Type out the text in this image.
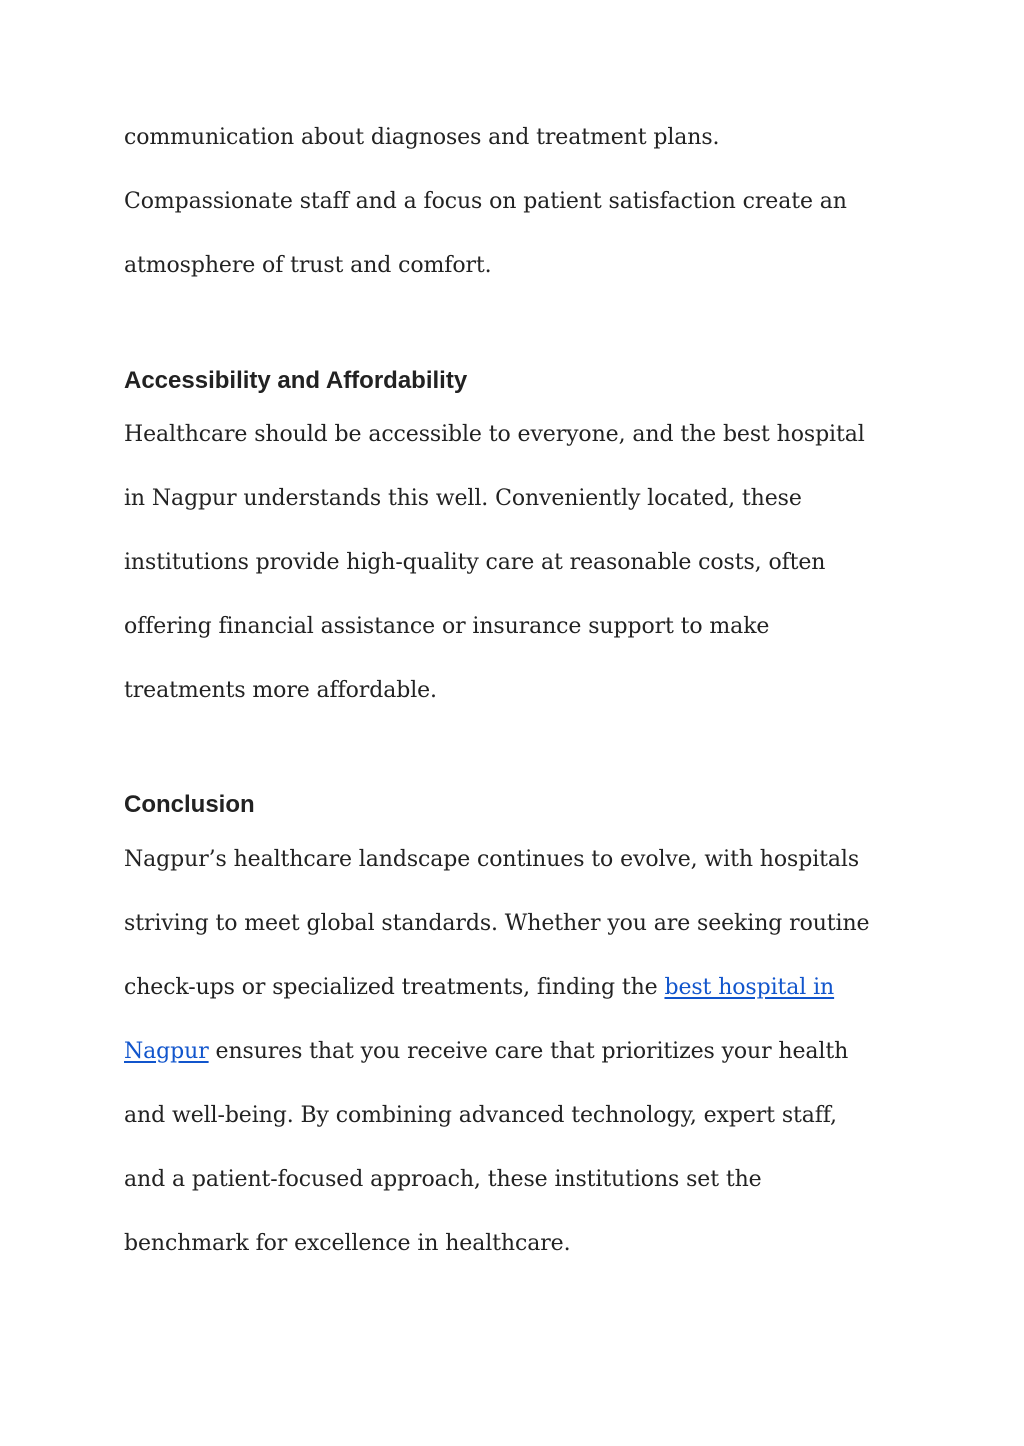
communication about diagnoses and treatment plans.

Compassionate staff and a focus on patient satisfaction create an

atmosphere of trust and comfort.

Accessibility and Affordability

Healthcare should be accessible to everyone, and the best hospital

in Nagpur understands this well. Conveniently located, these

institutions provide high-quality care at reasonable costs, often

offering financial assistance or insurance support to make

treatments more affordable.

Conclusion

Nagpur’s healthcare landscape continues to evolve, with hospitals

striving to meet global standards. Whether you are seeking routine

check-ups or specialized treatments, finding the best hospital in

Nagpur ensures that you receive care that prioritizes your health

and well-being. By combining advanced technology, expert staff,

and a patient-focused approach, these institutions set the

benchmark for excellence in healthcare.
